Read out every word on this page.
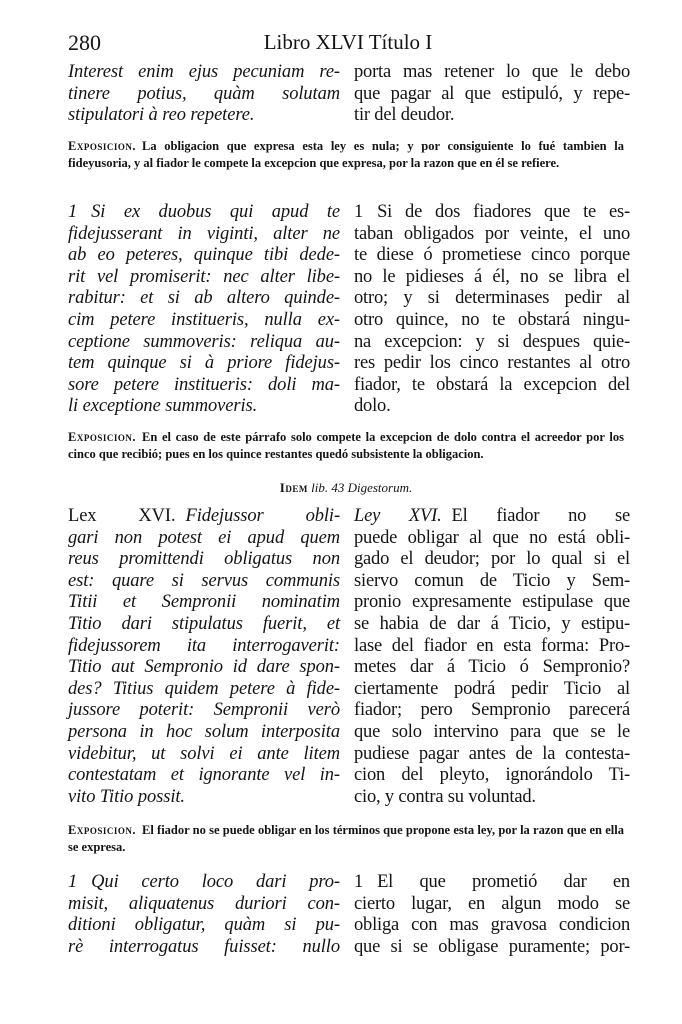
280	Libro XLVI Título I

Interest enim ejus pecuniam re-

tinere potius, quàm solutam

stipulatori à reo repetere.

porta mas retener lo que le debo

que pagar al que estipuló, y repe-

tir del deudor.

Exposicion. La obligacion que expresa esta ley es nula; y por consiguiente lo fué tambien la fideyusoria, y al fiador le compete la excepcion que expresa, por la razon que en él se refiere.

1 Si ex duobus qui apud te

fidejusserant in viginti, alter ne

ab eo peteres, quinque tibi dede-

rit vel promiserit: nec alter libe-

rabitur: et si ab altero quinde-

cim petere institueris, nulla ex-

ceptione summoveris: reliqua au-

tem quinque si à priore fidejus-

sore petere institueris: doli ma-

li exceptione summoveris.

1 Si de dos fiadores que te es-

taban obligados por veinte, el uno

te diese ó prometiese cinco porque

no le pidieses á él, no se libra el

otro; y si determinases pedir al

otro quince, no te obstará ningu-

na excepcion: y si despues quie-

res pedir los cinco restantes al otro

fiador, te obstará la excepcion del

dolo.

Exposicion. En el caso de este párrafo solo compete la excepcion de dolo contra el acreedor por los cinco que recibió; pues en los quince restantes quedó subsistente la obligacion.

Idem lib. 43 Digestorum.

Lex XVI. Fidejussor obli-

gari non potest ei apud quem

reus promittendi obligatus non

est: quare si servus communis

Titii et Sempronii nominatim

Titio dari stipulatus fuerit, et

fidejussorem ita interrogaverit:

Titio aut Sempronio id dare spon-

des? Titius quidem petere à fide-

jussore poterit: Sempronii verò

persona in hoc solum interposita

videbitur, ut solvi ei ante litem

contestatam et ignorante vel in-

vito Titio possit.

Ley XVI. El fiador no se

puede obligar al que no está obli-

gado el deudor; por lo qual si el

siervo comun de Ticio y Sem-

pronio expresamente estipulase que

se habia de dar á Ticio, y estipu-

lase del fiador en esta forma: Pro-

metes dar á Ticio ó Sempronio?

ciertamente podrá pedir Ticio al

fiador; pero Sempronio parecerá

que solo intervino para que se le

pudiese pagar antes de la contesta-

cion del pleyto, ignorándolo Ti-

cio, y contra su voluntad.

Exposicion. El fiador no se puede obligar en los términos que propone esta ley, por la razon que en ella se expresa.

1 Qui certo loco dari pro-

misit, aliquatenus duriori con-

ditioni obligatur, quàm si pu-

rè interrogatus fuisset: nullo

1 El que prometió dar en

cierto lugar, en algun modo se

obliga con mas gravosa condicion

que si se obligase puramente; por-
